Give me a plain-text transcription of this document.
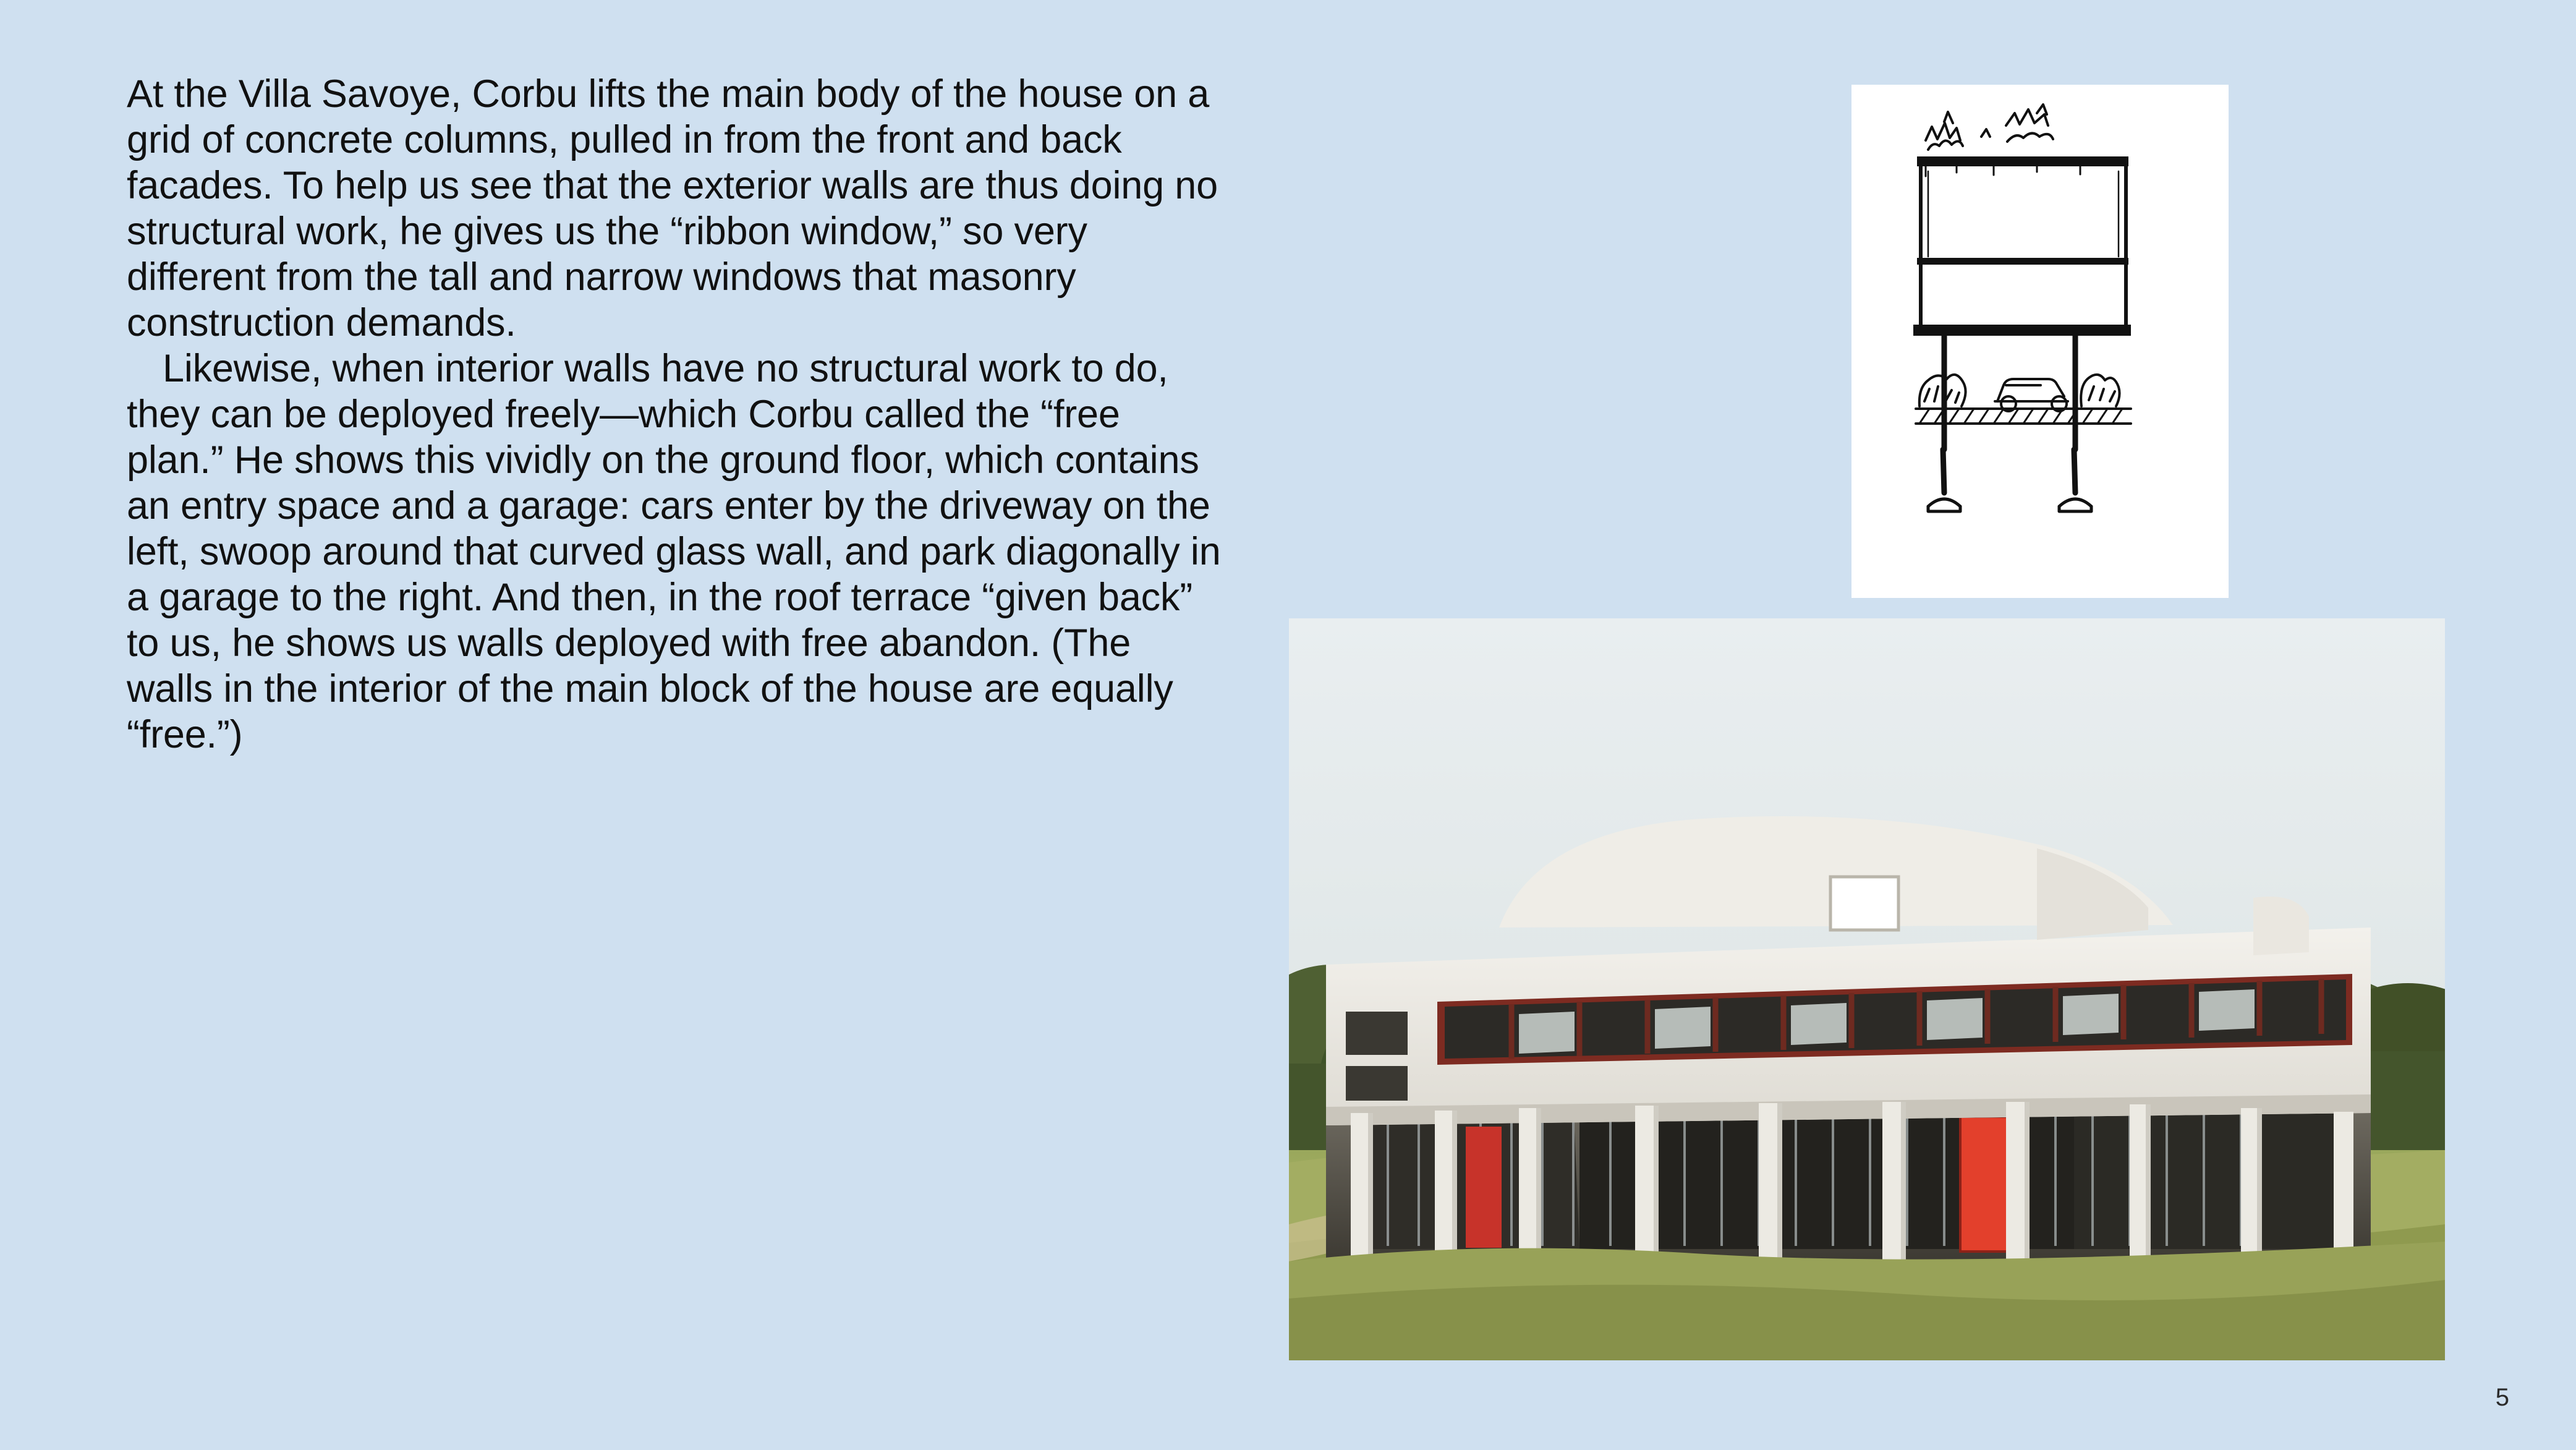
At the Villa Savoye, Corbu lifts the main body of the house on a grid of concrete columns, pulled in from the front and back facades. To help us see that the exterior walls are thus doing no structural work, he gives us the “ribbon window,” so very different from the tall and narrow windows that masonry construction demands.

Likewise, when interior walls have no structural work to do, they can be deployed freely—which Corbu called the “free plan.” He shows this vividly on the ground floor, which contains an entry space and a garage: cars enter by the driveway on the left, swoop around that curved glass wall, and park diagonally in a garage to the right. And then, in the roof terrace “given back” to us, he shows us walls deployed with free abandon. (The walls in the interior of the main block of the house are equally “free.”)

5
